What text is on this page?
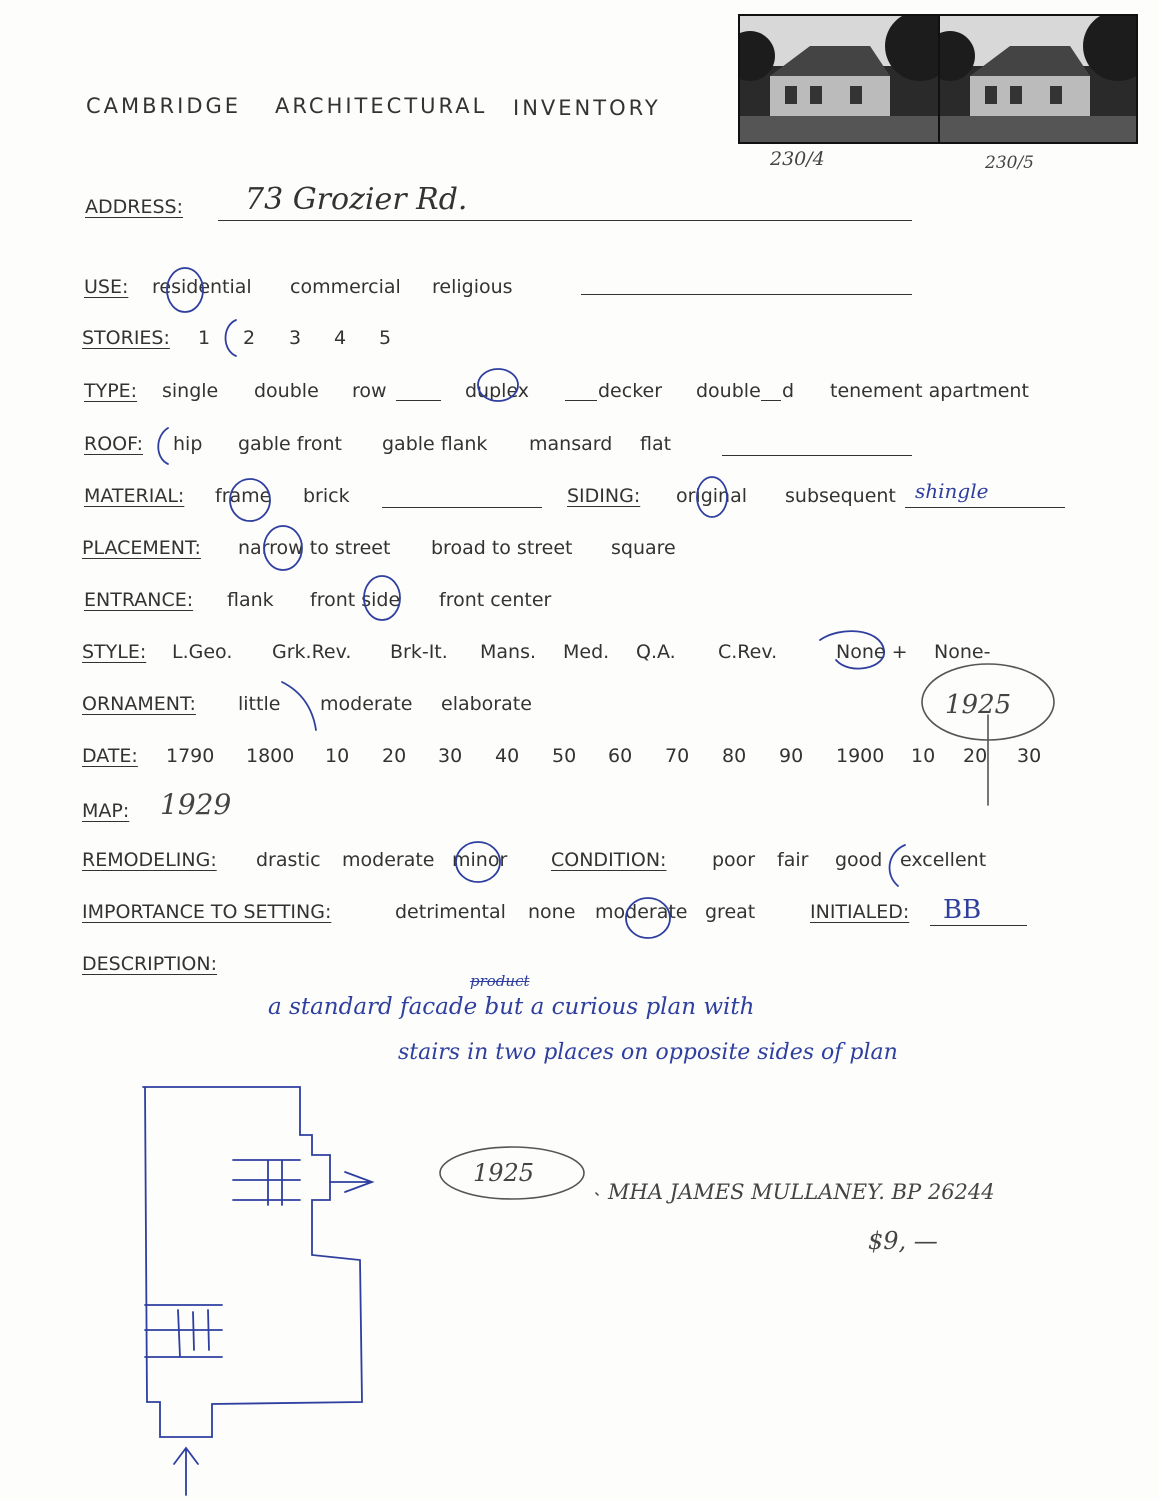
CAMBRIDGE ARCHITECTURAL INVENTORY
230/4	230/5
ADDRESS: 73 Grozier Rd.
USE: residential commercial religious
STORIES: 1 2 3 4 5
TYPE: single double row	duplex	decker double d tenement apartment
ROOF: hip gable front gable flank mansard flat
MATERIAL: frame brick	SIDING: original subsequent shingle
PLACEMENT: narrow to street broad to street square
ENTRANCE: flank front side front center
STYLE: L.Geo. Grk.Rev. Brk-It. Mans. Med. Q.A. C.Rev.	None + None-
ORNAMENT: little moderate elaborate	1925
DATE: 1790 1800 10 20 30 40 50 60 70 80 90 1900 10 20 30
MAP: 1929
REMODELING: drastic moderate minor CONDITION: poor fair good excellent
IMPORTANCE TO SETTING:	detrimental none moderate great	INITIALED: BB
DESCRIPTION:
a standard facade but a curious plan with
product
stairs in two places on opposite sides of plan
1925
MHA JAMES MULLANEY. BP 26244
$9, —
